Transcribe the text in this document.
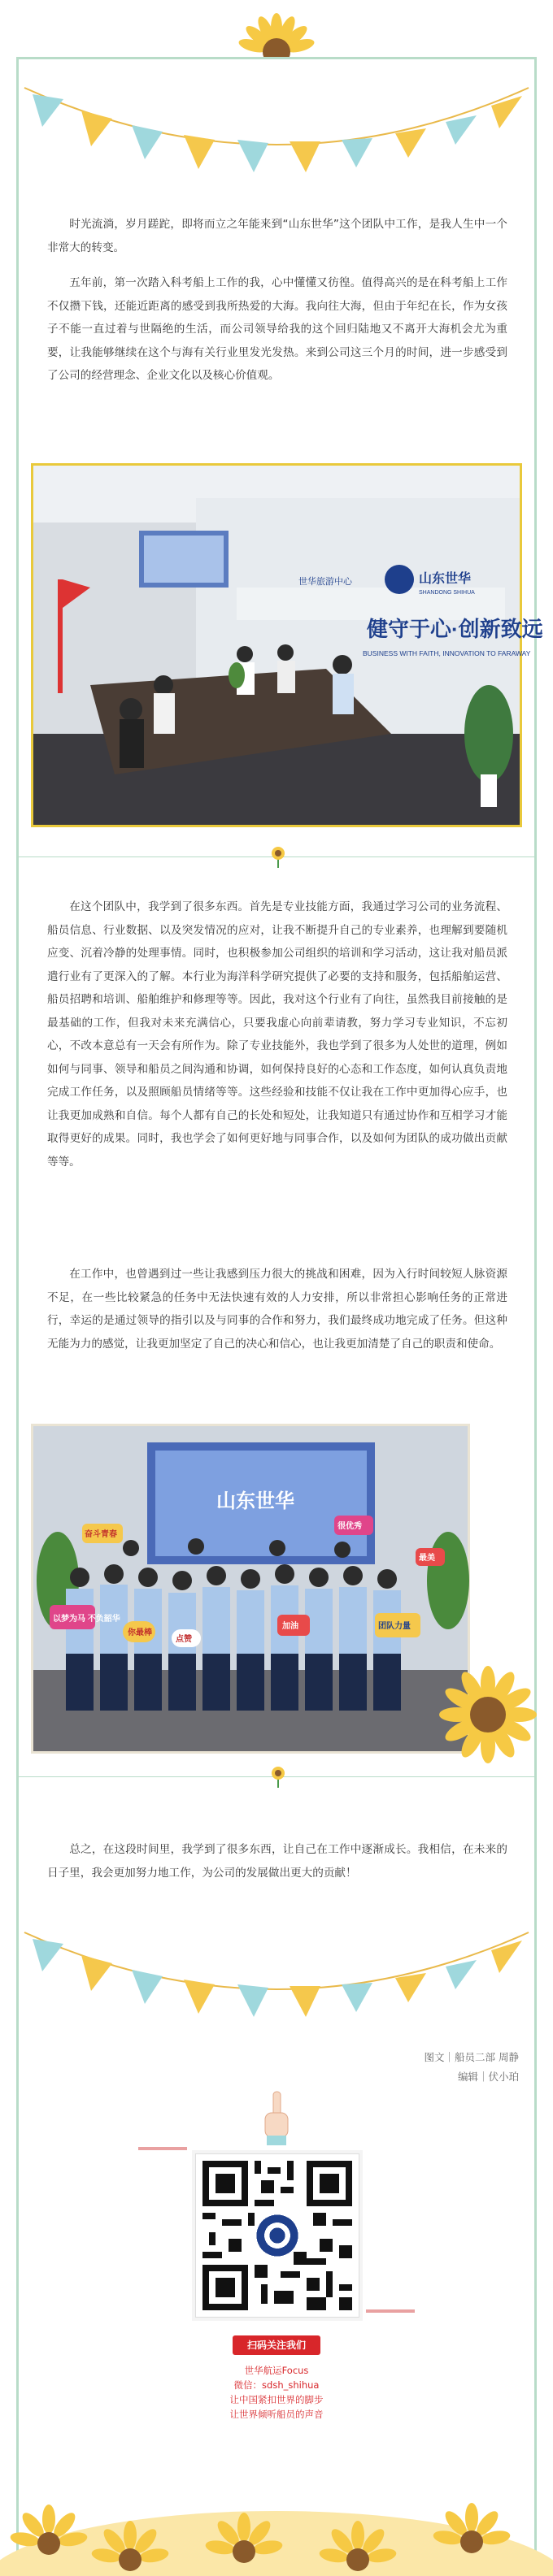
时光流淌，岁月蹉跎，即将而立之年能来到“山东世华”这个团队中工作，是我人生中一个非常大的转变。

五年前，第一次踏入科考船上工作的我，心中懂懂又彷徨。值得高兴的是在科考船上工作不仅攒下钱，还能近距离的感受到我所热爱的大海。我向往大海，但由于年纪在长，作为女孩子不能一直过着与世隔绝的生活，而公司领导给我的这个回归陆地又不离开大海机会尤为重要，让我能够继续在这个与海有关行业里发光发热。来到公司这三个月的时间，进一步感受到了公司的经营理念、企业文化以及核心价值观。

健守于心·创新致远
BUSINESS WITH FAITH, INNOVATION TO FARAWAY
山东世华
SHANDONG SHIHUA
世华旅游中心

在这个团队中，我学到了很多东西。首先是专业技能方面，我通过学习公司的业务流程、船员信息、行业数据、以及突发情况的应对，让我不断提升自己的专业素养，也理解到要随机应变、沉着冷静的处理事情。同时，也积极参加公司组织的培训和学习活动，这让我对船员派遣行业有了更深入的了解。本行业为海洋科学研究提供了必要的支持和服务，包括船舶运营、船员招聘和培训、船舶维护和修理等等。因此，我对这个行业有了向往，虽然我目前接触的是最基础的工作，但我对未来充满信心，只要我虚心向前辈请教，努力学习专业知识，不忘初心，不改本意总有一天会有所作为。除了专业技能外，我也学到了很多为人处世的道理，例如如何与同事、领导和船员之间沟通和协调，如何保持良好的心态和工作态度，如何认真负责地完成工作任务，以及照顾船员情绪等等。这些经验和技能不仅让我在工作中更加得心应手，也让我更加成熟和自信。每个人都有自己的长处和短处，让我知道只有通过协作和互相学习才能取得更好的成果。同时，我也学会了如何更好地与同事合作，以及如何为团队的成功做出贡献等等。

在工作中，也曾遇到过一些让我感到压力很大的挑战和困难，因为入行时间较短人脉资源不足，在一些比较紧急的任务中无法快速有效的人力安排，所以非常担心影响任务的正常进行，幸运的是通过领导的指引以及与同事的合作和努力，我们最终成功地完成了任务。但这种无能为力的感觉，让我更加坚定了自己的决心和信心，也让我更加清楚了自己的职责和使命。

山东世华
以梦为马 不负韶华
你最棒
加油	团队力量
奋斗青春
点赞
很优秀
最美

总之，在这段时间里，我学到了很多东西，让自己在工作中逐渐成长。我相信，在未来的日子里，我会更加努力地工作，为公司的发展做出更大的贡献！

图文｜船员二部 周静
编辑｜伏小珀
扫码关注我们
世华航运Focus
微信：sdsh_shihua
让中国紧扣世界的脚步
让世界倾听船员的声音
